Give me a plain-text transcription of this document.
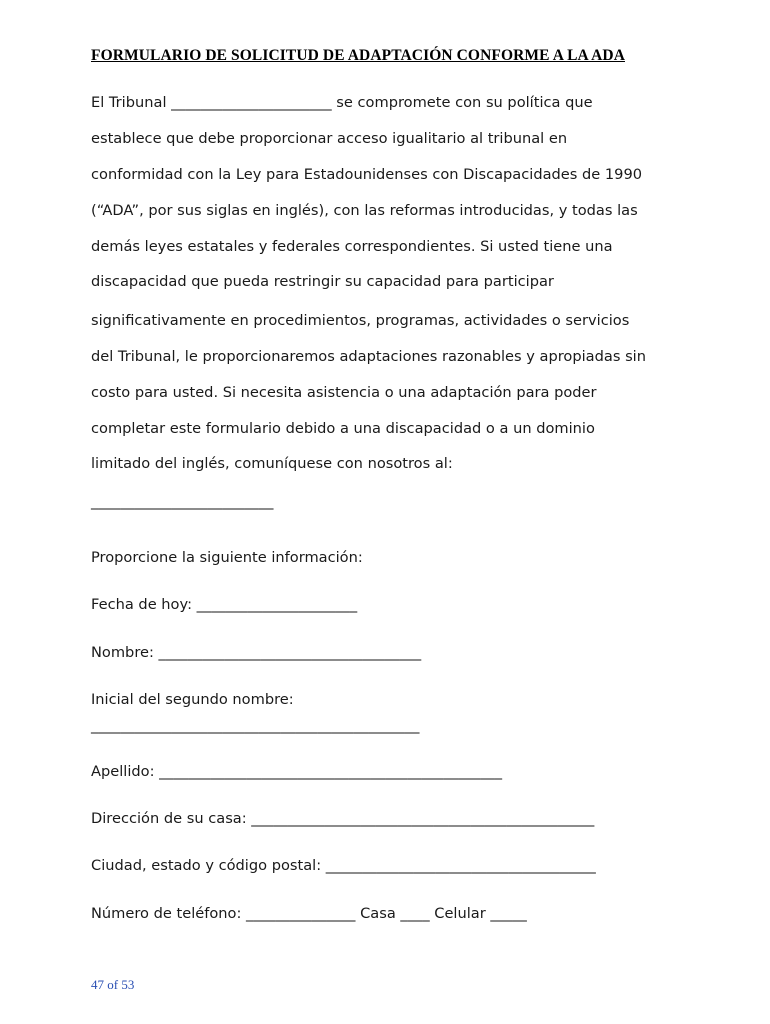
FORMULARIO DE SOLICITUD DE ADAPTACIÓN CONFORME A LA ADA
El Tribunal ______________________ se compromete con su política que
establece que debe proporcionar acceso igualitario al tribunal en
conformidad con la Ley para Estadounidenses con Discapacidades de 1990
(“ADA”, por sus siglas en inglés), con las reformas introducidas, y todas las
demás leyes estatales y federales correspondientes. Si usted tiene una
discapacidad que pueda restringir su capacidad para participar
significativamente en procedimientos, programas, actividades o servicios
del Tribunal, le proporcionaremos adaptaciones razonables y apropiadas sin
costo para usted. Si necesita asistencia o una adaptación para poder
completar este formulario debido a una discapacidad o a un dominio
limitado del inglés, comuníquese con nosotros al:
_________________________
Proporcione la siguiente información:
Fecha de hoy: ______________________
Nombre: ____________________________________
Inicial del segundo nombre:
_____________________________________________
Apellido: _______________________________________________
Dirección de su casa: _______________________________________________
Ciudad, estado y código postal: _____________________________________
Número de teléfono: _______________ Casa ____ Celular _____
47 of 53
